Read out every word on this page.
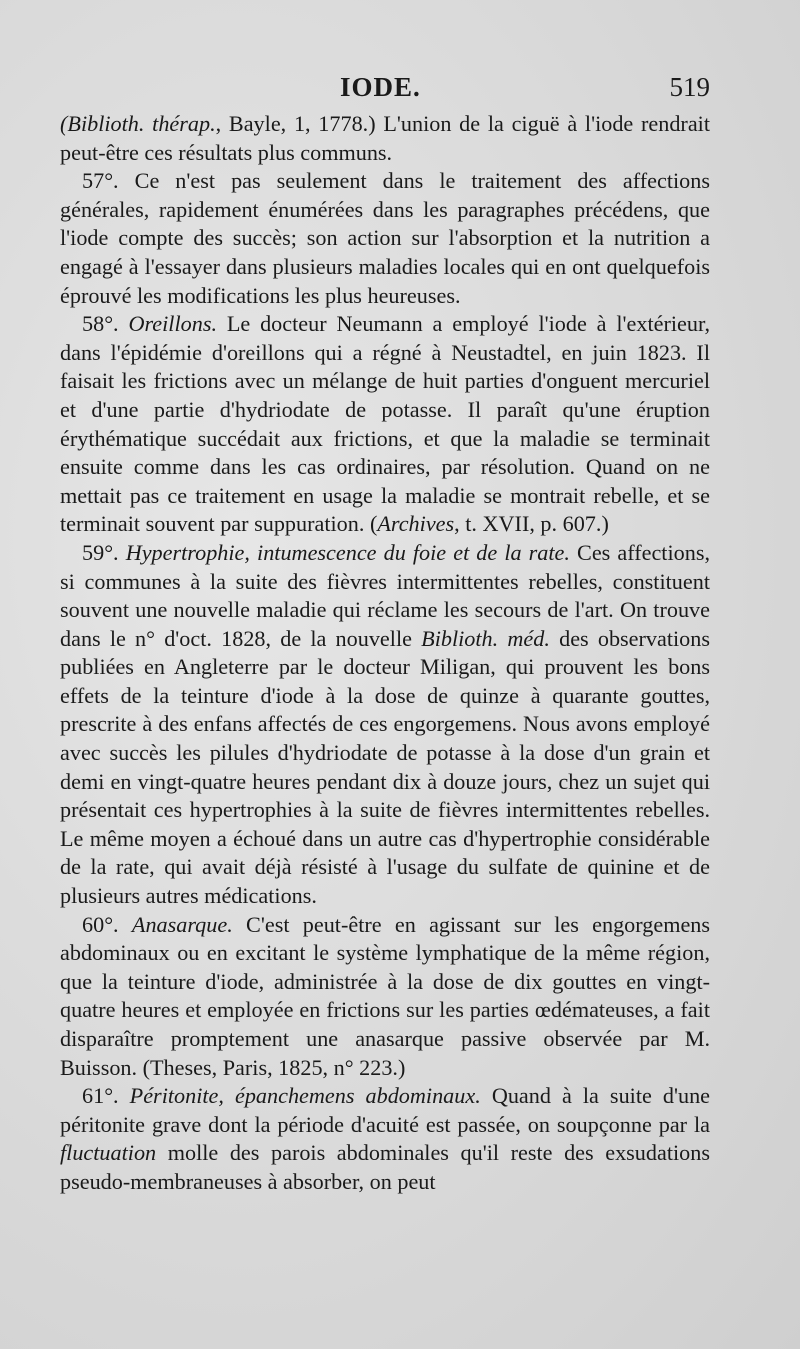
IODE.	519

(Biblioth. thérap., Bayle, 1, 1778.) L'union de la ciguë à l'iode rendrait peut-être ces résultats plus communs.

57°. Ce n'est pas seulement dans le traitement des affections générales, rapidement énumérées dans les paragraphes précédens, que l'iode compte des succès; son action sur l'absorption et la nutrition a engagé à l'essayer dans plusieurs maladies locales qui en ont quelquefois éprouvé les modifications les plus heureuses.

58°. Oreillons. Le docteur Neumann a employé l'iode à l'extérieur, dans l'épidémie d'oreillons qui a régné à Neustadtel, en juin 1823. Il faisait les frictions avec un mélange de huit parties d'onguent mercuriel et d'une partie d'hydriodate de potasse. Il paraît qu'une éruption érythématique succédait aux frictions, et que la maladie se terminait ensuite comme dans les cas ordinaires, par résolution. Quand on ne mettait pas ce traitement en usage la maladie se montrait rebelle, et se terminait souvent par suppuration. (Archives, t. XVII, p. 607.)

59°. Hypertrophie, intumescence du foie et de la rate. Ces affections, si communes à la suite des fièvres intermittentes rebelles, constituent souvent une nouvelle maladie qui réclame les secours de l'art. On trouve dans le n° d'oct. 1828, de la nouvelle Biblioth. méd. des observations publiées en Angleterre par le docteur Miligan, qui prouvent les bons effets de la teinture d'iode à la dose de quinze à quarante gouttes, prescrite à des enfans affectés de ces engorgemens. Nous avons employé avec succès les pilules d'hydriodate de potasse à la dose d'un grain et demi en vingt-quatre heures pendant dix à douze jours, chez un sujet qui présentait ces hypertrophies à la suite de fièvres intermittentes rebelles. Le même moyen a échoué dans un autre cas d'hypertrophie considérable de la rate, qui avait déjà résisté à l'usage du sulfate de quinine et de plusieurs autres médications.

60°. Anasarque. C'est peut-être en agissant sur les engorgemens abdominaux ou en excitant le système lymphatique de la même région, que la teinture d'iode, administrée à la dose de dix gouttes en vingt-quatre heures et employée en frictions sur les parties œdémateuses, a fait disparaître promptement une anasarque passive observée par M. Buisson. (Theses, Paris, 1825, n° 223.)

61°. Péritonite, épanchemens abdominaux. Quand à la suite d'une péritonite grave dont la période d'acuité est passée, on soupçonne par la fluctuation molle des parois abdominales qu'il reste des exsudations pseudo-membraneuses à absorber, on peut
